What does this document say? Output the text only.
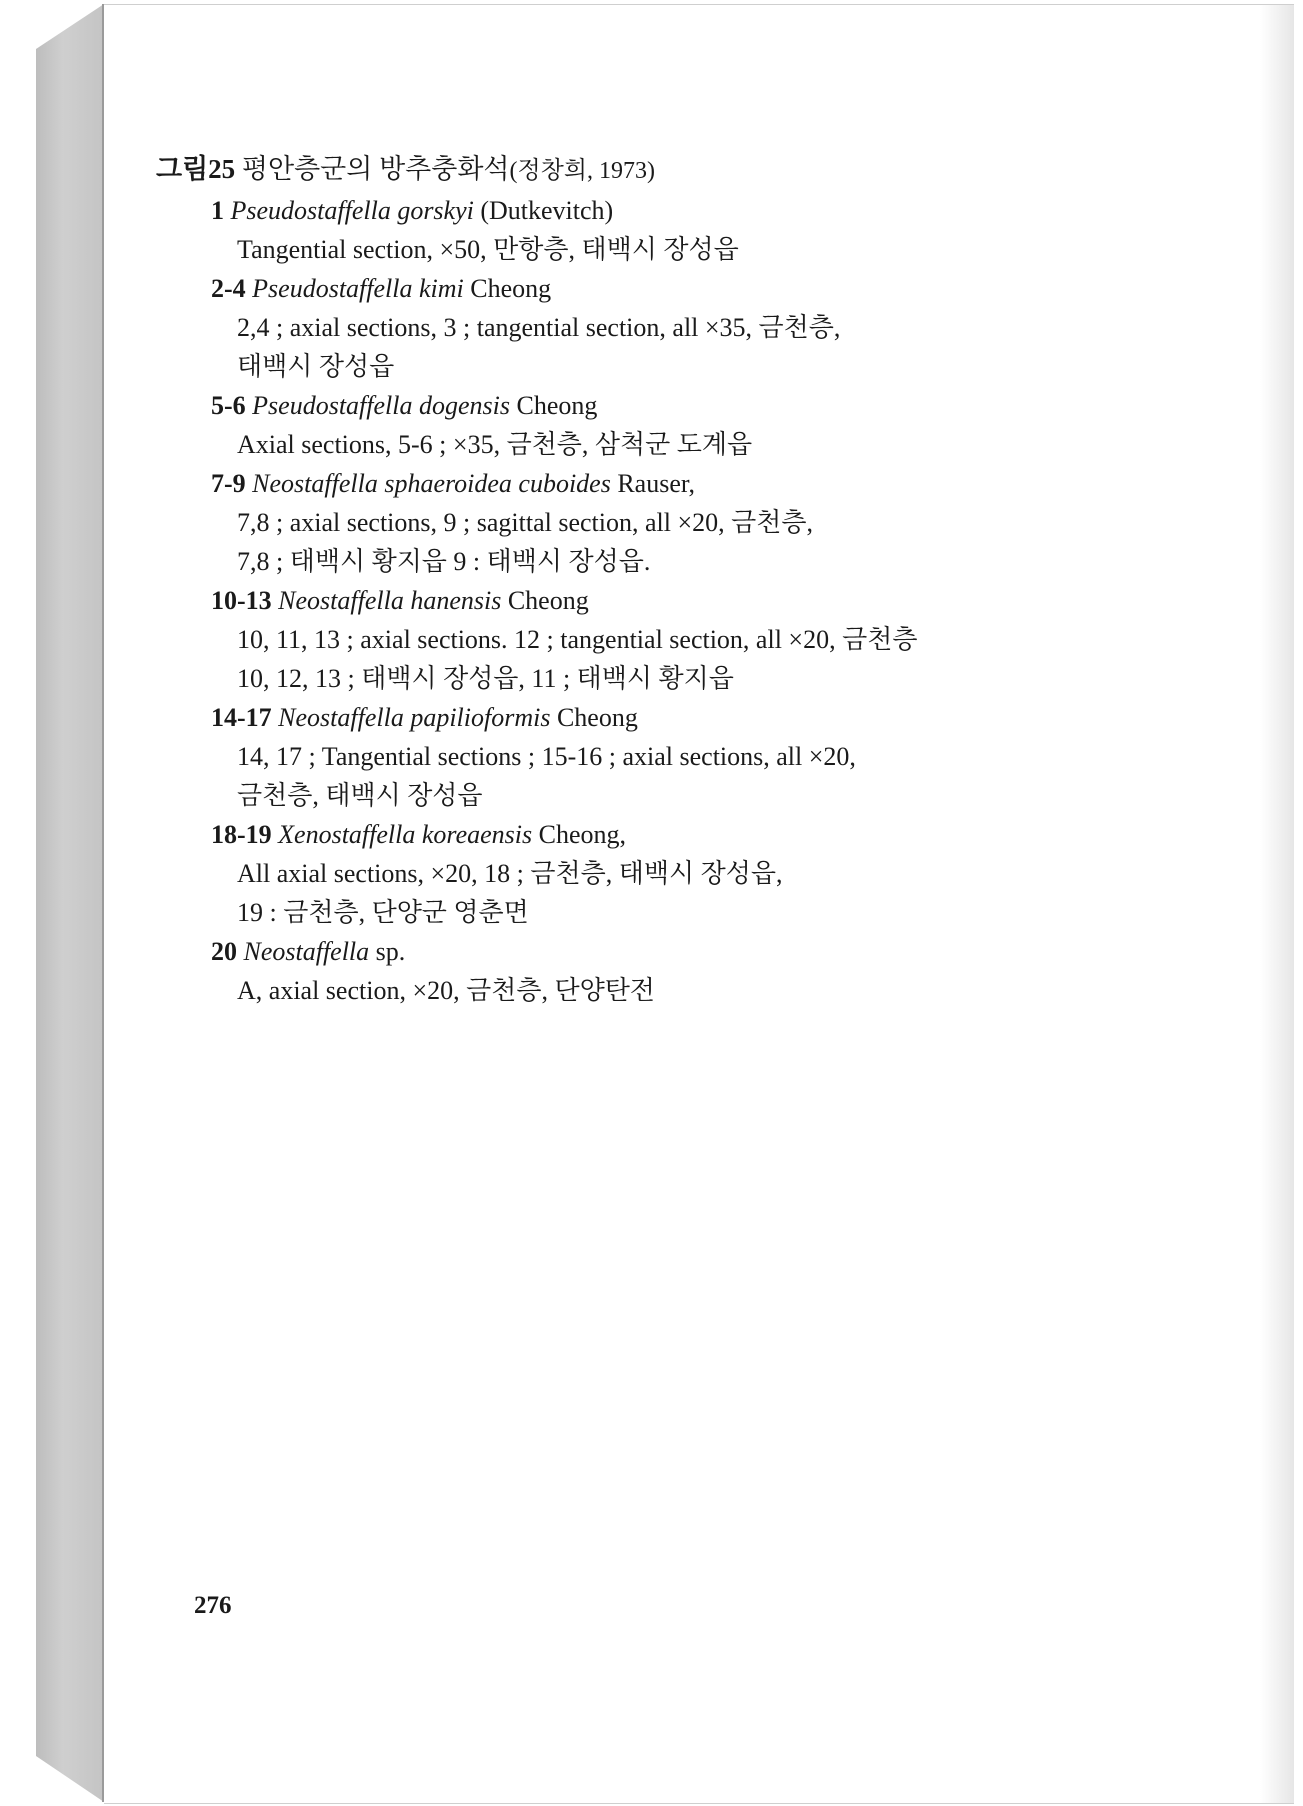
그림25 평안층군의 방추충화석(정창희, 1973)
1 Pseudostaffella gorskyi (Dutkevitch)
Tangential section, ×50, 만항층, 태백시 장성읍
2-4 Pseudostaffella kimi Cheong
2,4 ; axial sections, 3 ; tangential section, all ×35, 금천층,
태백시 장성읍
5-6 Pseudostaffella dogensis Cheong
Axial sections, 5-6 ; ×35, 금천층, 삼척군 도계읍
7-9 Neostaffella sphaeroidea cuboides Rauser,
7,8 ; axial sections, 9 ; sagittal section, all ×20, 금천층,
7,8 ; 태백시 황지읍 9 : 태백시 장성읍.
10-13 Neostaffella hanensis Cheong
10, 11, 13 ; axial sections. 12 ; tangential section, all ×20, 금천층
10, 12, 13 ; 태백시 장성읍, 11 ; 태백시 황지읍
14-17 Neostaffella papilioformis Cheong
14, 17 ; Tangential sections ; 15-16 ; axial sections, all ×20,
금천층, 태백시 장성읍
18-19 Xenostaffella koreaensis Cheong,
All axial sections, ×20, 18 ; 금천층, 태백시 장성읍,
19 : 금천층, 단양군 영춘면
20 Neostaffella sp.
A, axial section, ×20, 금천층, 단양탄전
276
